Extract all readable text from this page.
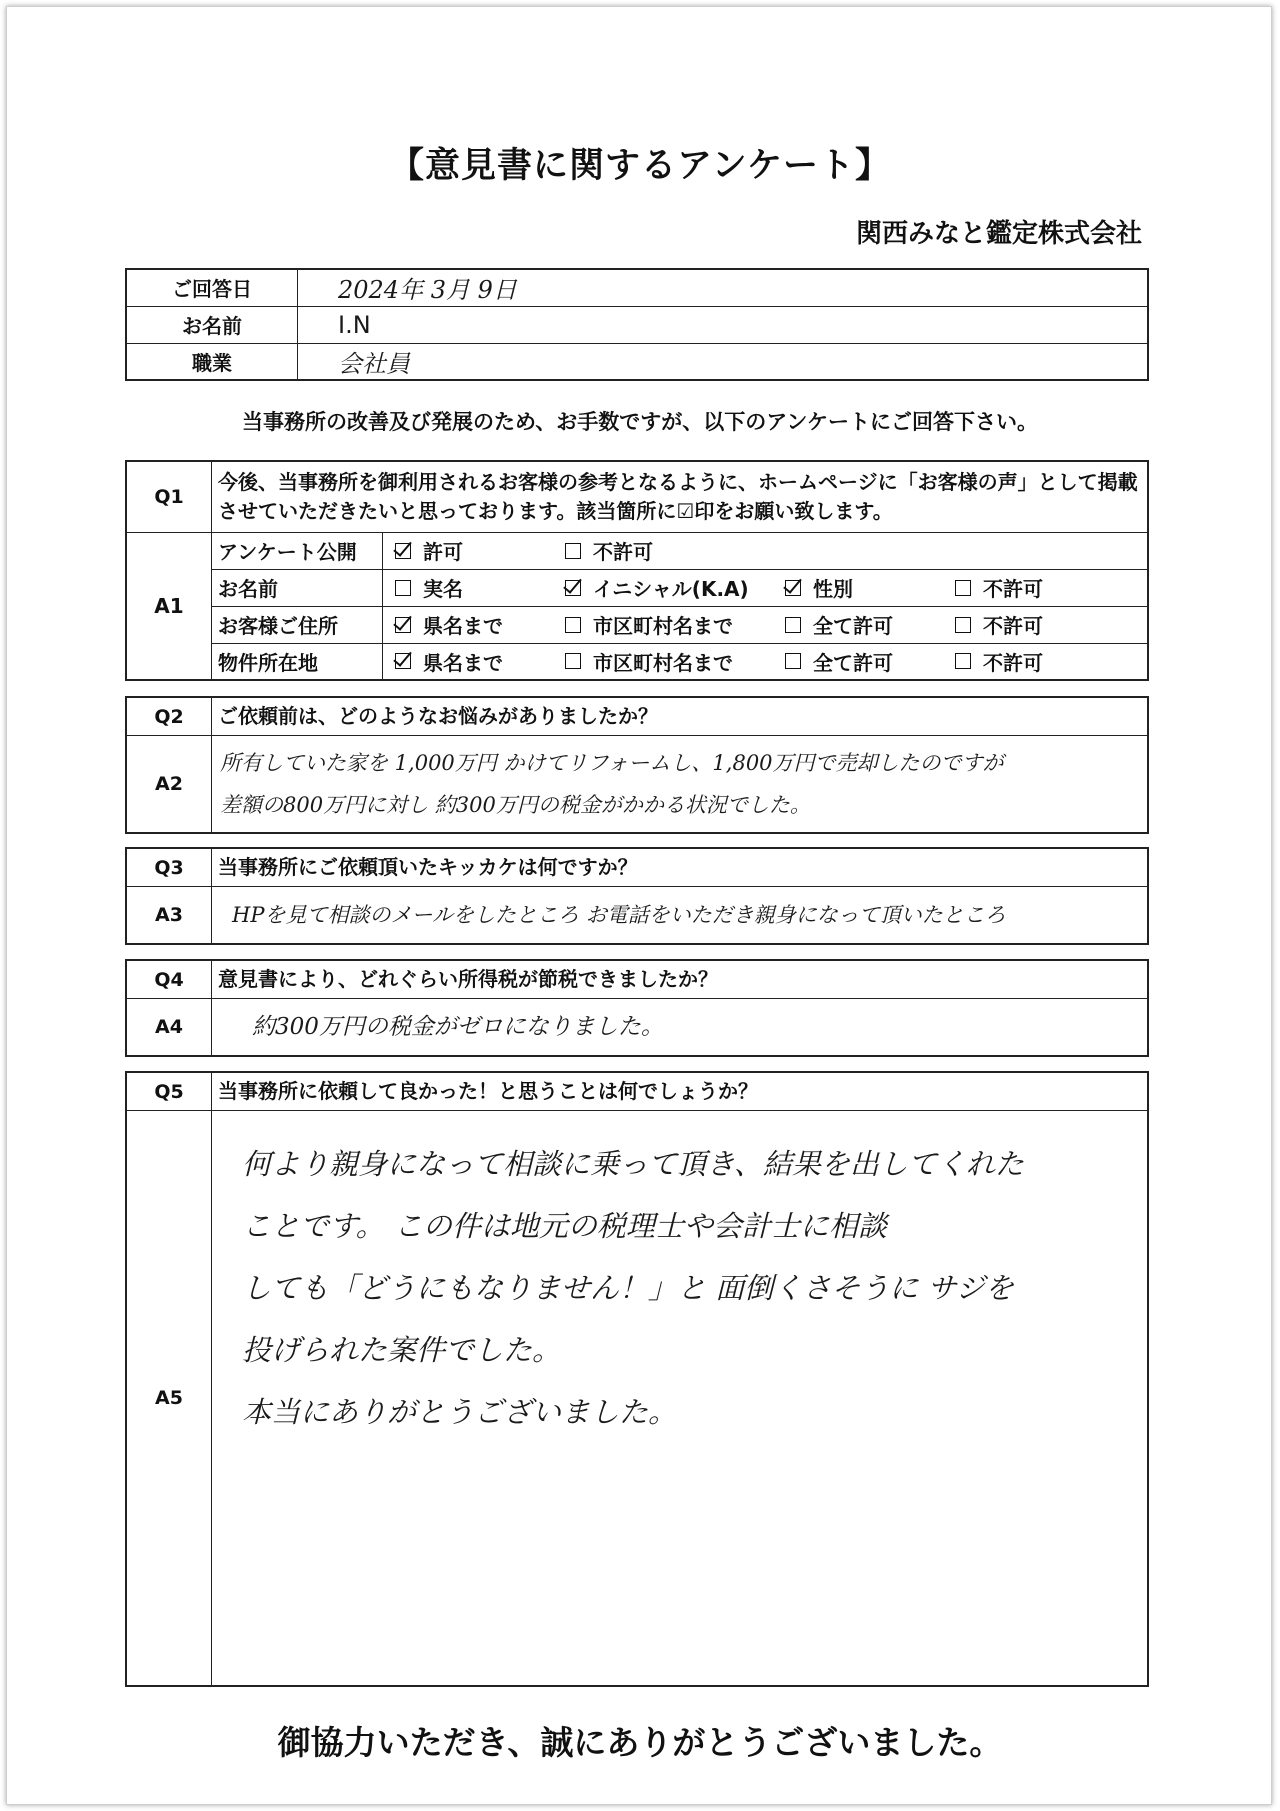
【意見書に関するアンケート】
関西みなと鑑定株式会社
ご回答日	2024年 3月 9日
お名前	I.N
職業	会社員
当事務所の改善及び発展のため、お手数ですが、以下のアンケートにご回答下さい。
Q1	今後、当事務所を御利用されるお客様の参考となるように、ホームページに「お客様の声」として掲載させていただきたいと思っております。該当箇所に☑印をお願い致します。	
A1	アンケート公開	許可 不許可

	お名前	実名 イニシャル(K.A) 性別 不許可

	お客様ご住所	県名まで 市区町村名まで 全て許可 不許可

	物件所在地	県名まで 市区町村名まで 全て許可 不許可
Q2	ご依頼前は、どのようなお悩みがありましたか？
A2	所有していた家を 1,000万円 かけてリフォームし、1,800万円で売却したのですが
差額の800万円に対し 約300万円の税金がかかる状況でした。
Q3	当事務所にご依頼頂いたキッカケは何ですか？
A3	HPを見て相談のメールをしたところ お電話をいただき親身になって頂いたところ
Q4	意見書により、どれぐらい所得税が節税できましたか？
A4	約300万円の税金がゼロになりました。
Q5	当事務所に依頼して良かった！と思うことは何でしょうか？
A5	何より親身になって相談に乗って頂き、結果を出してくれた
ことです。 この件は地元の税理士や会計士に相談
しても「どうにもなりません！」と 面倒くさそうに サジを
投げられた案件でした。
本当にありがとうございました。
御協力いただき、誠にありがとうございました。
